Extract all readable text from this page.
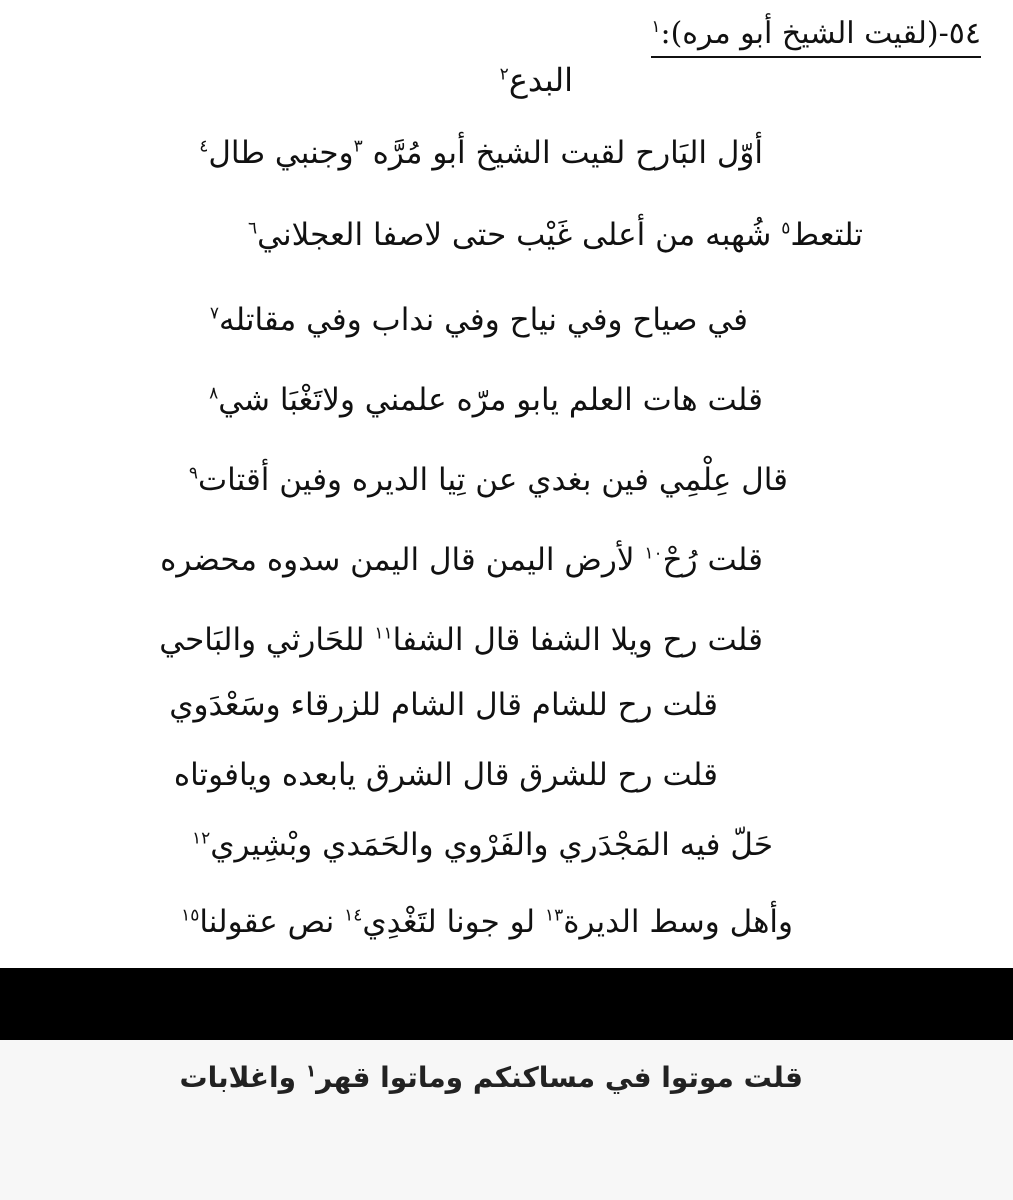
٥٤-(لقيت الشيخ أبو مره):$^١$
البدع$^٢$
أوّل البَارح لقيت الشيخ أبو مُرَّه $^٣$وجنبي طال$^٤$
تلتعط$^٥$ شُهبه من أعلى غَيْب حتى لاصفا العجلاني$^٦$
في صياح وفي نياح وفي نداب وفي مقاتله$^٧$
قلت هات العلم يابو مرّه علمني ولاتَغْبَا شي$^٨$
قال عِلْمِي فين بغدي عن تِيا الديره وفين أقتات$^٩$
قلت رُحْ$^{١٠}$ لأرض اليمن قال اليمن سدوه محضره
قلت رح ويلا الشفا قال الشفا$^{١١}$ للحَارثي والبَاحي
قلت رح للشام قال الشام للزرقاء وسَعْدَوي
قلت رح للشرق قال الشرق يابعده ويافوتاه
حَلّ فيه المَجْدَري والفَرْوي والحَمَدي وبْشِيري$^{١٢}$
وأهل وسط الديرة$^{١٣}$ لو جونا لتَغْدِي$^{١٤}$ نص عقولنا$^{١٥}$
قلت موتوا في مساكنكم وماتوا قهر$^١$ واغلابات
